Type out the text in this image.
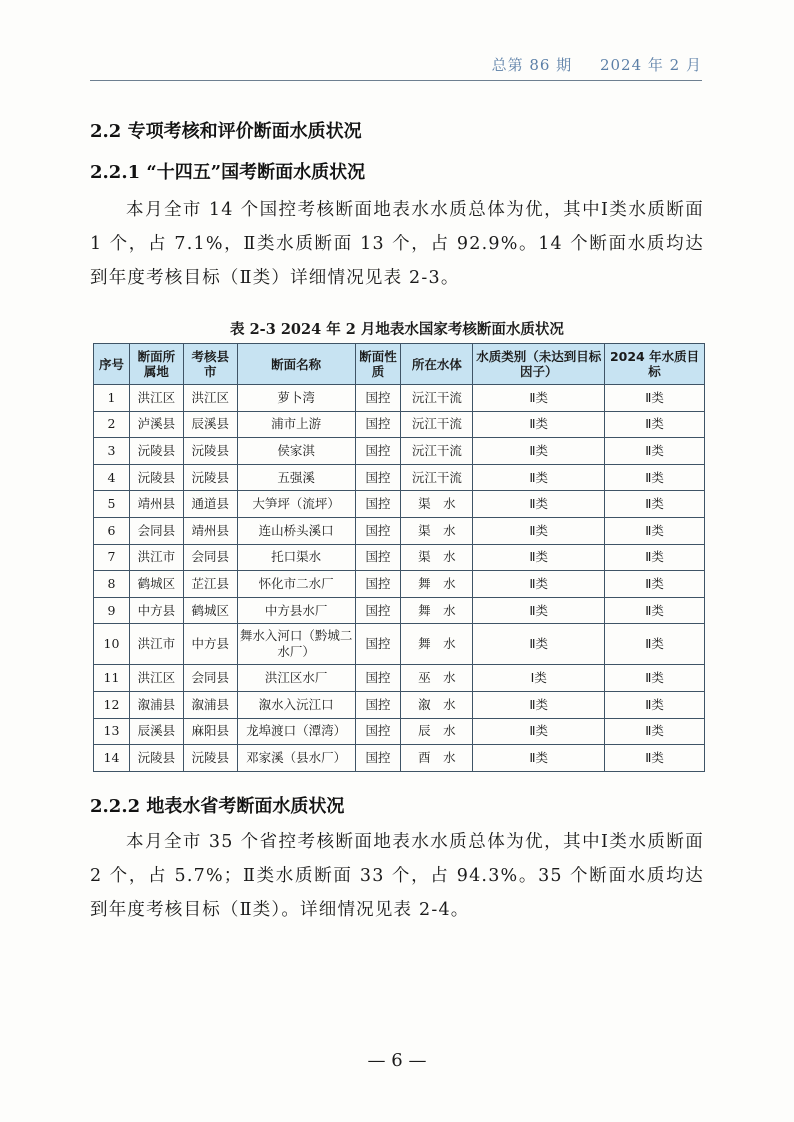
总第 86 期 2024 年 2 月
2.2 专项考核和评价断面水质状况
2.2.1 “十四五”国考断面水质状况
本月全市 14 个国控考核断面地表水水质总体为优，其中Ⅰ类水质断面 1 个，占 7.1%，Ⅱ类水质断面 13 个，占 92.9%。14 个断面水质均达到年度考核目标（Ⅱ类）详细情况见表 2-3。
表 2-3 2024 年 2 月地表水国家考核断面水质状况
序号	断面所属地	考核县市	断面名称	断面性质	所在水体	水质类别（未达到目标因子）	2024 年水质目标
1	洪江区	洪江区	萝卜湾	国控	沅江干流	Ⅱ类	Ⅱ类
2	泸溪县	辰溪县	浦市上游	国控	沅江干流	Ⅱ类	Ⅱ类
3	沅陵县	沅陵县	侯家淇	国控	沅江干流	Ⅱ类	Ⅱ类
4	沅陵县	沅陵县	五强溪	国控	沅江干流	Ⅱ类	Ⅱ类
5	靖州县	通道县	大笋坪（流坪）	国控	渠　水	Ⅱ类	Ⅱ类
6	会同县	靖州县	连山桥头溪口	国控	渠　水	Ⅱ类	Ⅱ类
7	洪江市	会同县	托口渠水	国控	渠　水	Ⅱ类	Ⅱ类
8	鹤城区	芷江县	怀化市二水厂	国控	舞　水	Ⅱ类	Ⅱ类
9	中方县	鹤城区	中方县水厂	国控	舞　水	Ⅱ类	Ⅱ类
10	洪江市	中方县	舞水入河口（黔城二水厂）	国控	舞　水	Ⅱ类	Ⅱ类
11	洪江区	会同县	洪江区水厂	国控	巫　水	Ⅰ类	Ⅱ类
12	溆浦县	溆浦县	溆水入沅江口	国控	溆　水	Ⅱ类	Ⅱ类
13	辰溪县	麻阳县	龙埠渡口（潭湾）	国控	辰　水	Ⅱ类	Ⅱ类
14	沅陵县	沅陵县	邓家溪（县水厂）	国控	酉　水	Ⅱ类	Ⅱ类
2.2.2 地表水省考断面水质状况
本月全市 35 个省控考核断面地表水水质总体为优，其中Ⅰ类水质断面 2 个，占 5.7%；Ⅱ类水质断面 33 个，占 94.3%。35 个断面水质均达到年度考核目标（Ⅱ类）。详细情况见表 2-4。
— 6 —
